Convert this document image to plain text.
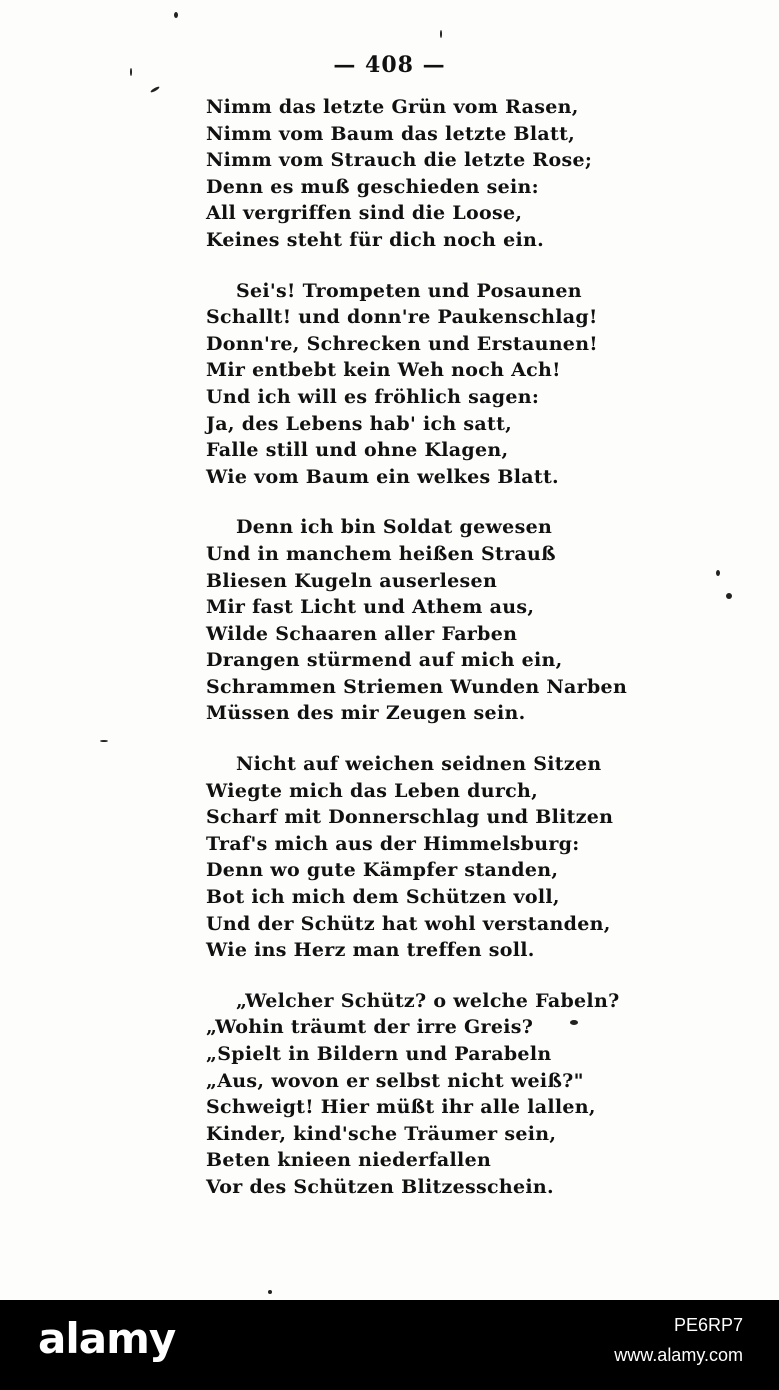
— 408 —
Nimm das letzte Grün vom Rasen,
Nimm vom Baum das letzte Blatt,
Nimm vom Strauch die letzte Rose;
Denn es muß geschieden sein:
All vergriffen sind die Loose,
Keines steht für dich noch ein.
Sei's! Trompeten und Posaunen
Schallt! und donn're Paukenschlag!
Donn're, Schrecken und Erstaunen!
Mir entbebt kein Weh noch Ach!
Und ich will es fröhlich sagen:
Ja, des Lebens hab' ich satt,
Falle still und ohne Klagen,
Wie vom Baum ein welkes Blatt.
Denn ich bin Soldat gewesen
Und in manchem heißen Strauß
Bliesen Kugeln auserlesen
Mir fast Licht und Athem aus,
Wilde Schaaren aller Farben
Drangen stürmend auf mich ein,
Schrammen Striemen Wunden Narben
Müssen des mir Zeugen sein.
Nicht auf weichen seidnen Sitzen
Wiegte mich das Leben durch,
Scharf mit Donnerschlag und Blitzen
Traf's mich aus der Himmelsburg:
Denn wo gute Kämpfer standen,
Bot ich mich dem Schützen voll,
Und der Schütz hat wohl verstanden,
Wie ins Herz man treffen soll.
„Welcher Schütz? o welche Fabeln?
„Wohin träumt der irre Greis?
„Spielt in Bildern und Parabeln
„Aus, wovon er selbst nicht weiß?"
Schweigt! Hier müßt ihr alle lallen,
Kinder, kind'sche Träumer sein,
Beten knieen niederfallen
Vor des Schützen Blitzesschein.
alamy	PE6RP7
www.alamy.com
